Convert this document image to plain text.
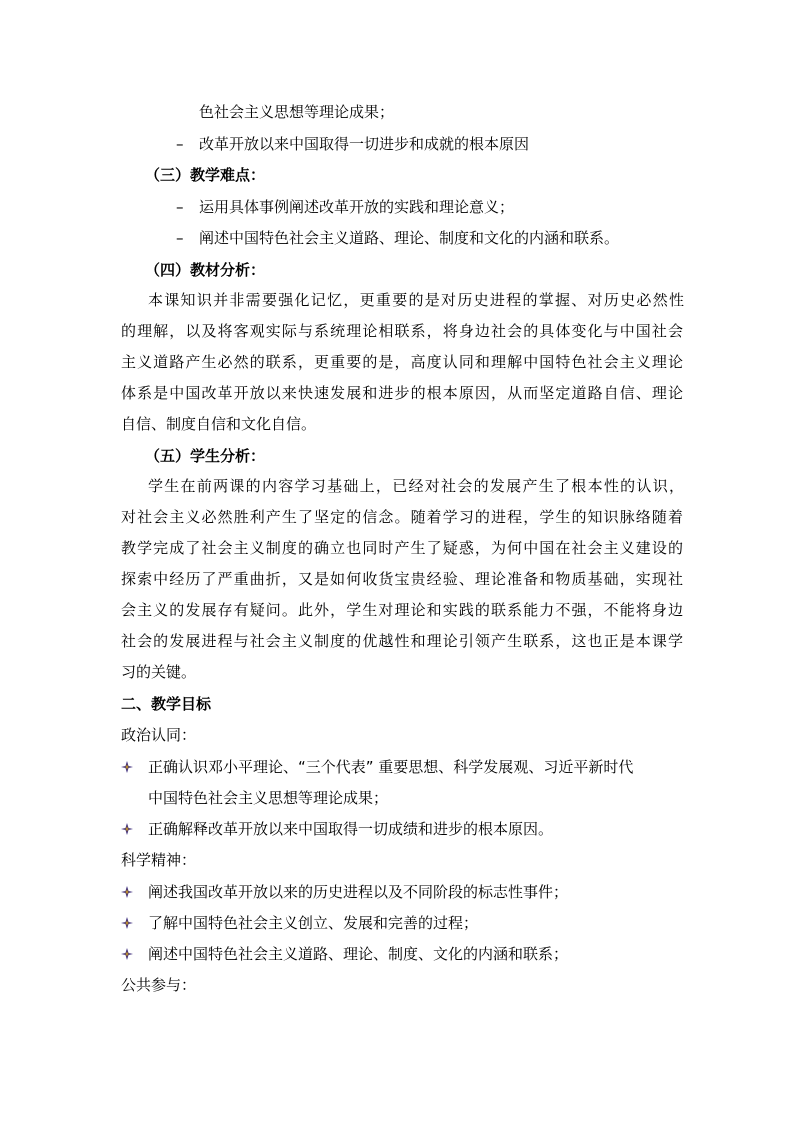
色社会主义思想等理论成果；
– 改革开放以来中国取得一切进步和成就的根本原因
（三）教学难点：
– 运用具体事例阐述改革开放的实践和理论意义；
– 阐述中国特色社会主义道路、理论、制度和文化的内涵和联系。
（四）教材分析：
本课知识并非需要强化记忆，更重要的是对历史进程的掌握、对历史必然性
的理解，以及将客观实际与系统理论相联系，将身边社会的具体变化与中国社会
主义道路产生必然的联系，更重要的是，高度认同和理解中国特色社会主义理论
体系是中国改革开放以来快速发展和进步的根本原因，从而坚定道路自信、理论
自信、制度自信和文化自信。
（五）学生分析：
学生在前两课的内容学习基础上，已经对社会的发展产生了根本性的认识，
对社会主义必然胜利产生了坚定的信念。随着学习的进程，学生的知识脉络随着
教学完成了社会主义制度的确立也同时产生了疑惑，为何中国在社会主义建设的
探索中经历了严重曲折，又是如何收货宝贵经验、理论准备和物质基础，实现社
会主义的发展存有疑问。此外，学生对理论和实践的联系能力不强，不能将身边
社会的发展进程与社会主义制度的优越性和理论引领产生联系，这也正是本课学
习的关键。
二、教学目标
政治认同：
正确认识邓小平理论、“三个代表” 重要思想、科学发展观、习近平新时代
中国特色社会主义思想等理论成果；
正确解释改革开放以来中国取得一切成绩和进步的根本原因。
科学精神：
阐述我国改革开放以来的历史进程以及不同阶段的标志性事件；
了解中国特色社会主义创立、发展和完善的过程；
阐述中国特色社会主义道路、理论、制度、文化的内涵和联系；
公共参与：
